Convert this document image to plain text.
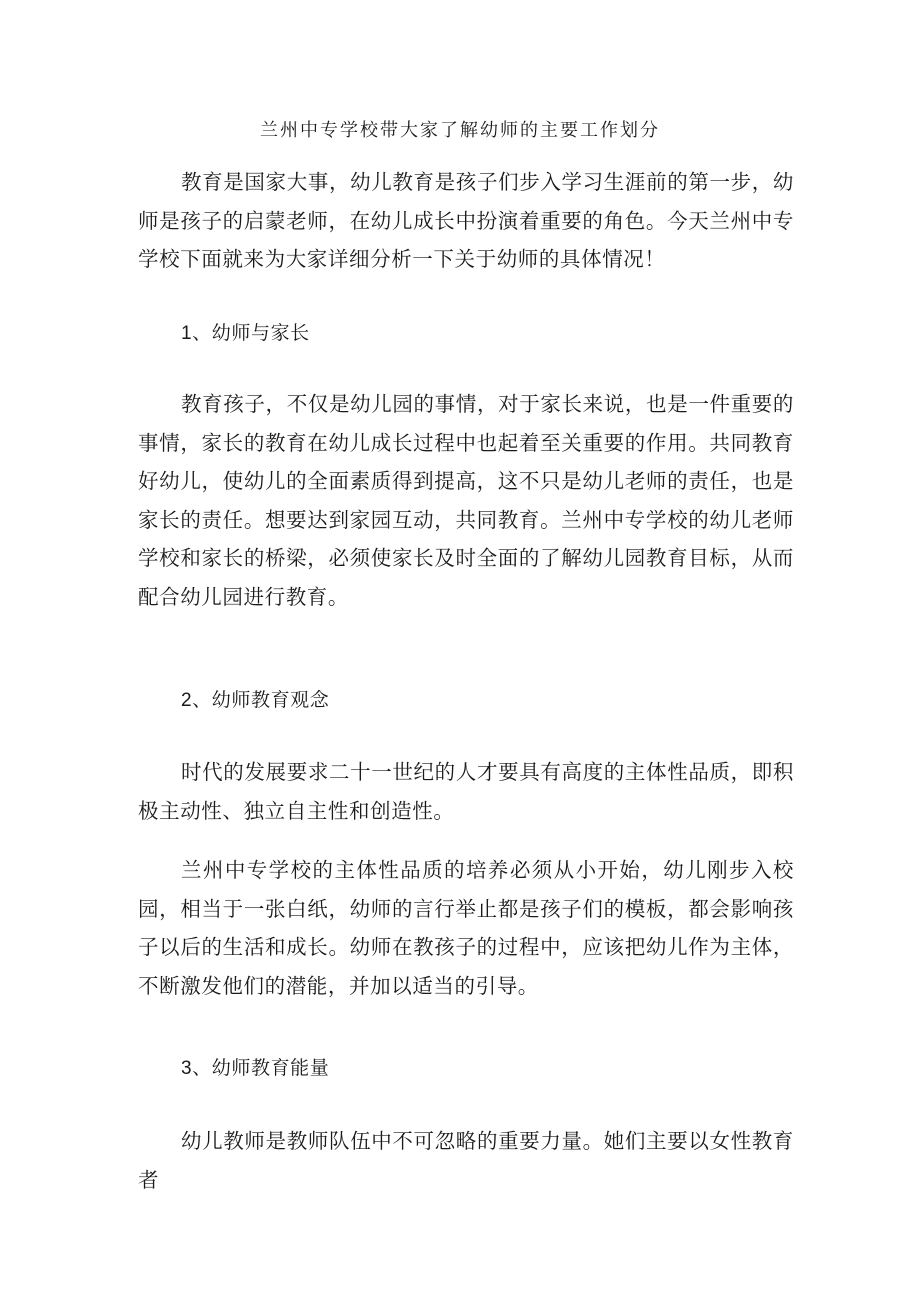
兰州中专学校带大家了解幼师的主要工作划分

教育是国家大事，幼儿教育是孩子们步入学习生涯前的第一步，幼师是孩子的启蒙老师，在幼儿成长中扮演着重要的角色。今天兰州中专学校下面就来为大家详细分析一下关于幼师的具体情况！

1、幼师与家长

教育孩子，不仅是幼儿园的事情，对于家长来说，也是一件重要的事情，家长的教育在幼儿成长过程中也起着至关重要的作用。共同教育好幼儿，使幼儿的全面素质得到提高，这不只是幼儿老师的责任，也是家长的责任。想要达到家园互动，共同教育。兰州中专学校的幼儿老师学校和家长的桥梁，必须使家长及时全面的了解幼儿园教育目标，从而配合幼儿园进行教育。

2、幼师教育观念

时代的发展要求二十一世纪的人才要具有高度的主体性品质，即积极主动性、独立自主性和创造性。

兰州中专学校的主体性品质的培养必须从小开始，幼儿刚步入校园，相当于一张白纸，幼师的言行举止都是孩子们的模板，都会影响孩子以后的生活和成长。幼师在教孩子的过程中，应该把幼儿作为主体，不断激发他们的潜能，并加以适当的引导。

3、幼师教育能量

幼儿教师是教师队伍中不可忽略的重要力量。她们主要以女性教育者
